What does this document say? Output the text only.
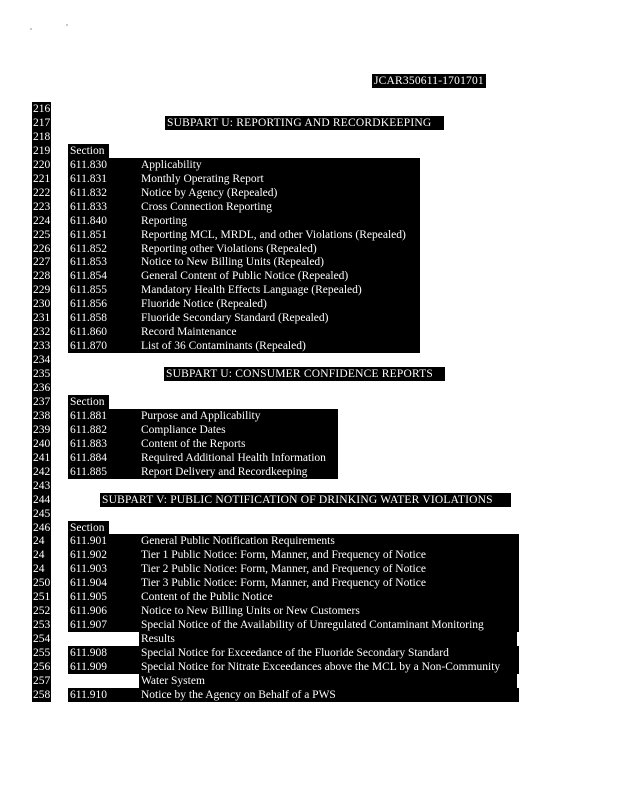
JCAR350611-1701701
216
217	SUBPART U: REPORTING AND RECORDKEEPING
218
219 Section
220 611.830	Applicability
221 611.831	Monthly Operating Report
222 611.832	Notice by Agency (Repealed)
223 611.833	Cross Connection Reporting
224 611.840	Reporting
225 611.851	Reporting MCL, MRDL, and other Violations (Repealed)
226 611.852	Reporting other Violations (Repealed)
227 611.853	Notice to New Billing Units (Repealed)
228 611.854	General Content of Public Notice (Repealed)
229 611.855	Mandatory Health Effects Language (Repealed)
230 611.856	Fluoride Notice (Repealed)
231 611.858	Fluoride Secondary Standard (Repealed)
232 611.860	Record Maintenance
233 611.870	List of 36 Contaminants (Repealed)
234
235	SUBPART U: CONSUMER CONFIDENCE REPORTS
236
237 Section
238 611.881	Purpose and Applicability
239 611.882	Compliance Dates
240 611.883	Content of the Reports
241 611.884	Required Additional Health Information
242 611.885	Report Delivery and Recordkeeping
243
244	SUBPART V: PUBLIC NOTIFICATION OF DRINKING WATER VIOLATIONS
245
246 Section
24	611.901	General Public Notification Requirements
24	611.902	Tier 1 Public Notice: Form, Manner, and Frequency of Notice
24	611.903	Tier 2 Public Notice: Form, Manner, and Frequency of Notice
250 611.904	Tier 3 Public Notice: Form, Manner, and Frequency of Notice
251 611.905	Content of the Public Notice
252 611.906	Notice to New Billing Units or New Customers
253 611.907	Special Notice of the Availability of Unregulated Contaminant Monitoring
254	Results
255 611.908	Special Notice for Exceedance of the Fluoride Secondary Standard
256 611.909	Special Notice for Nitrate Exceedances above the MCL by a Non-Community
257	Water System
258 611.910	Notice by the Agency on Behalf of a PWS
